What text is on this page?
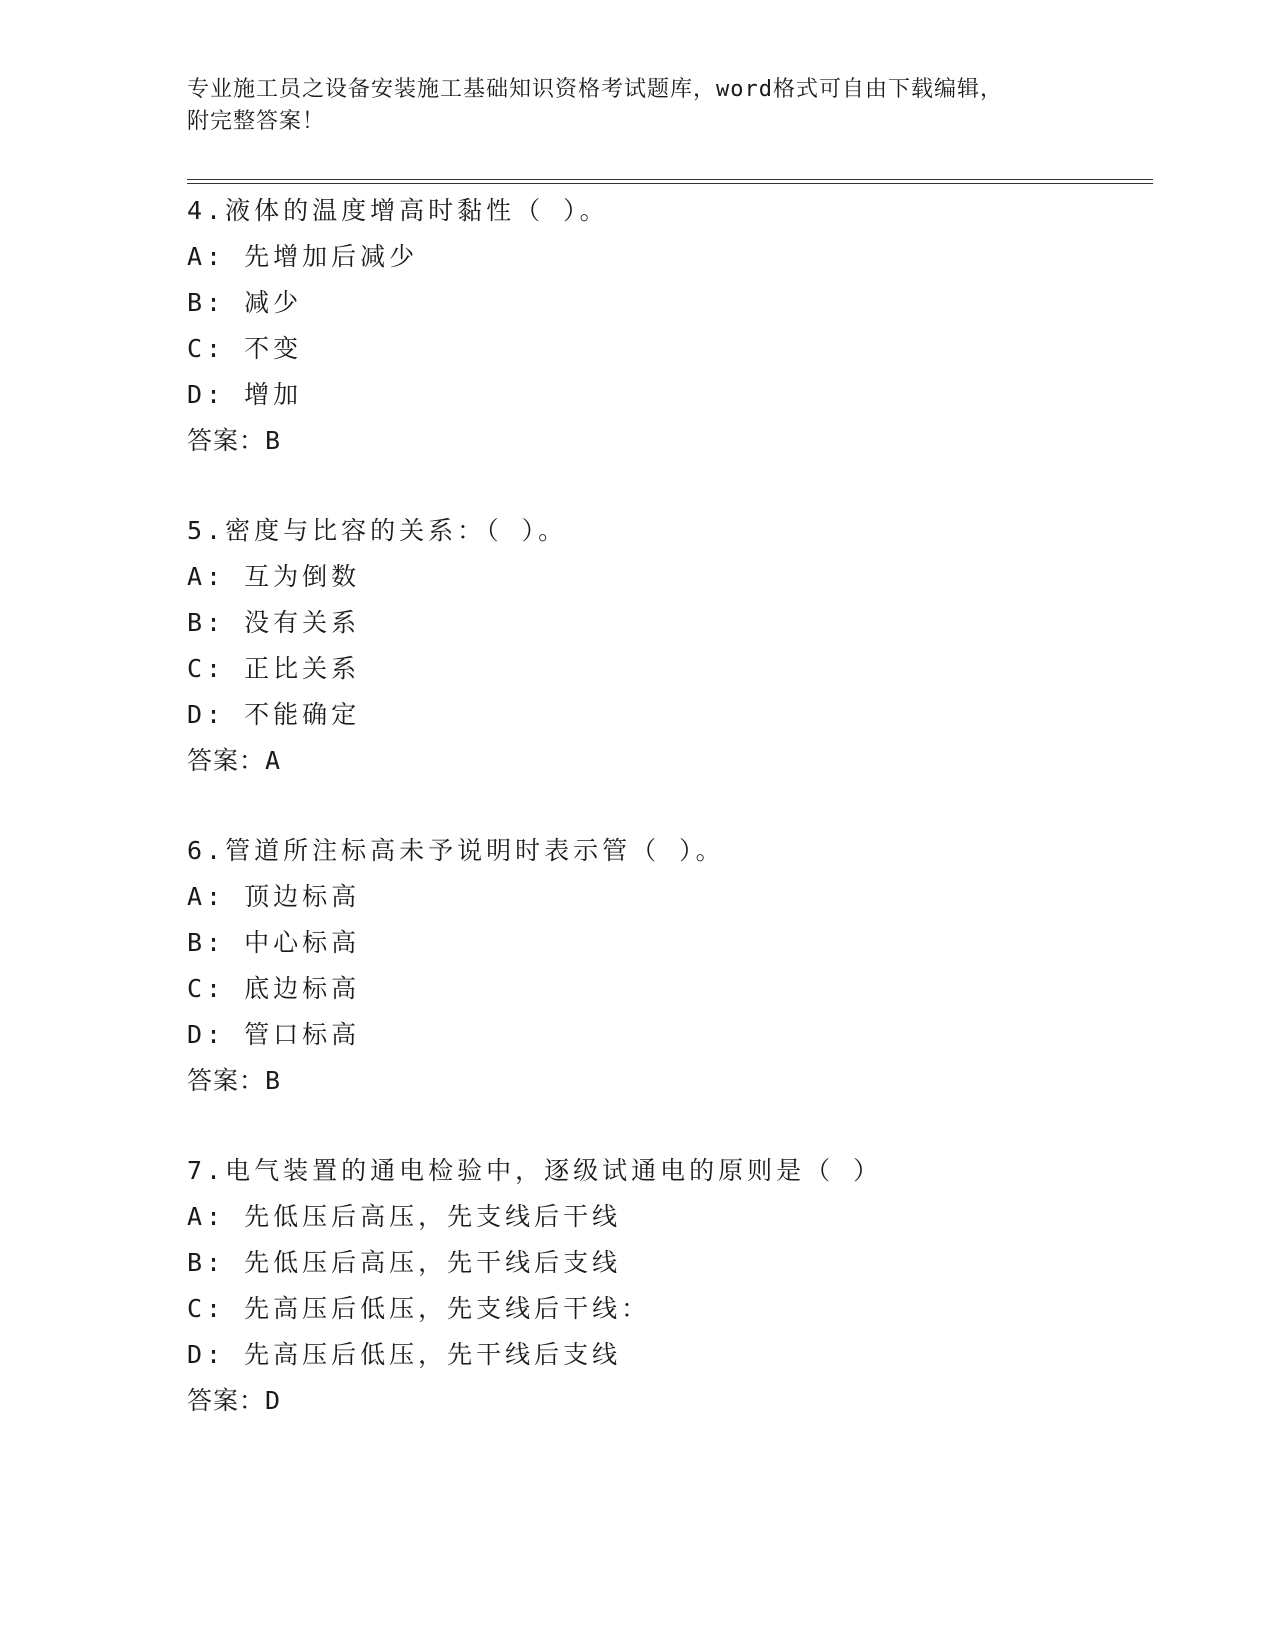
专业施工员之设备安装施工基础知识资格考试题库，word格式可自由下载编辑，
附完整答案！
4.液体的温度增高时黏性（ ）。
A: 先增加后减少
B: 减少
C: 不变
D: 增加
答案：B
5.密度与比容的关系：（ ）。
A: 互为倒数
B: 没有关系
C: 正比关系
D: 不能确定
答案：A
6.管道所注标高未予说明时表示管（ ）。
A: 顶边标高
B: 中心标高
C: 底边标高
D: 管口标高
答案：B
7.电气装置的通电检验中，逐级试通电的原则是（ ）
A: 先低压后高压，先支线后干线
B: 先低压后高压，先干线后支线
C: 先高压后低压，先支线后干线：
D: 先高压后低压，先干线后支线
答案：D
